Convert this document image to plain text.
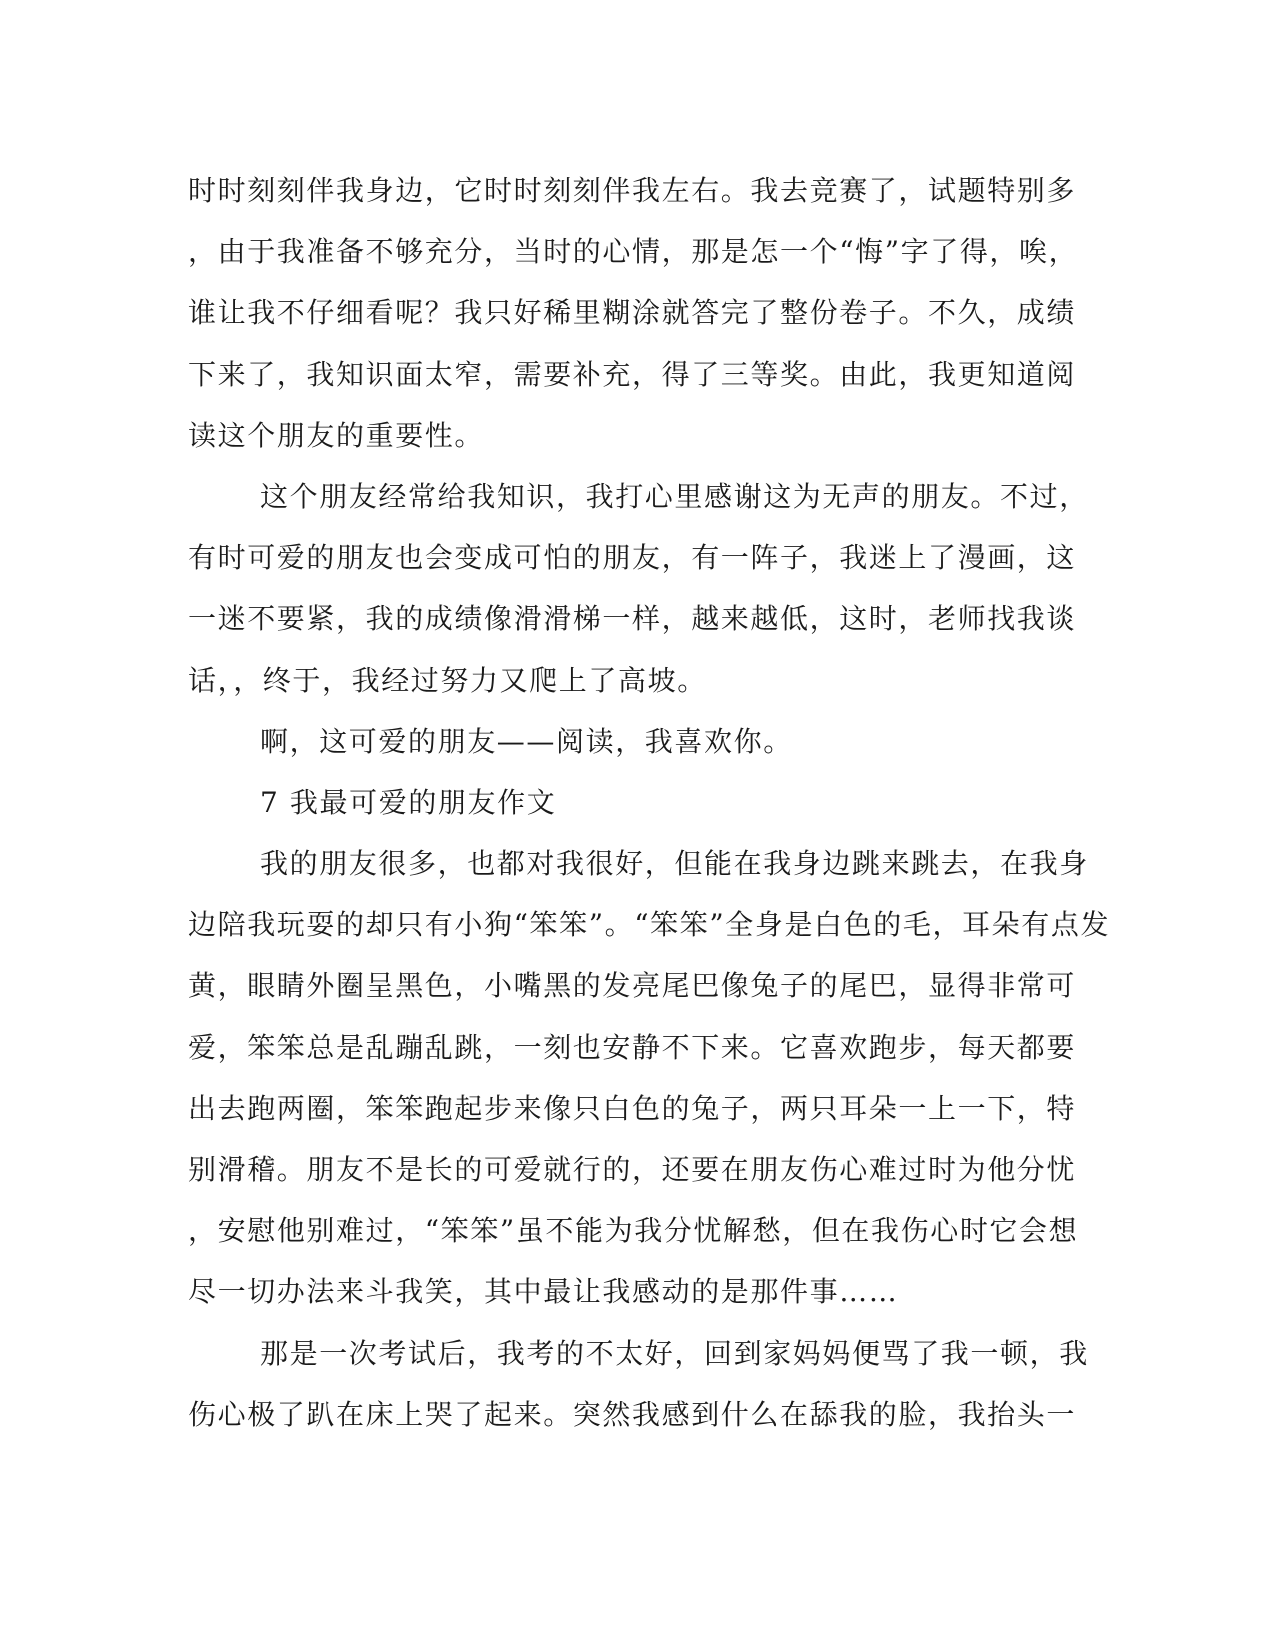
时时刻刻伴我身边，它时时刻刻伴我左右。我去竞赛了，试题特别多
，由于我准备不够充分，当时的心情，那是怎一个“悔”字了得，唉，
谁让我不仔细看呢？我只好稀里糊涂就答完了整份卷子。不久，成绩
下来了，我知识面太窄，需要补充，得了三等奖。由此，我更知道阅
读这个朋友的重要性。
这个朋友经常给我知识，我打心里感谢这为无声的朋友。不过，
有时可爱的朋友也会变成可怕的朋友，有一阵子，我迷上了漫画，这
一迷不要紧，我的成绩像滑滑梯一样，越来越低，这时，老师找我谈
话，，终于，我经过努力又爬上了高坡。
啊，这可爱的朋友——阅读，我喜欢你。
7 我最可爱的朋友作文
我的朋友很多，也都对我很好，但能在我身边跳来跳去，在我身
边陪我玩耍的却只有小狗“笨笨”。“笨笨”全身是白色的毛，耳朵有点发
黄，眼睛外圈呈黑色，小嘴黑的发亮尾巴像兔子的尾巴，显得非常可
爱，笨笨总是乱蹦乱跳，一刻也安静不下来。它喜欢跑步，每天都要
出去跑两圈，笨笨跑起步来像只白色的兔子，两只耳朵一上一下，特
别滑稽。朋友不是长的可爱就行的，还要在朋友伤心难过时为他分忧
，安慰他别难过，“笨笨”虽不能为我分忧解愁，但在我伤心时它会想
尽一切办法来斗我笑，其中最让我感动的是那件事……
那是一次考试后，我考的不太好，回到家妈妈便骂了我一顿，我
伤心极了趴在床上哭了起来。突然我感到什么在舔我的脸，我抬头一
